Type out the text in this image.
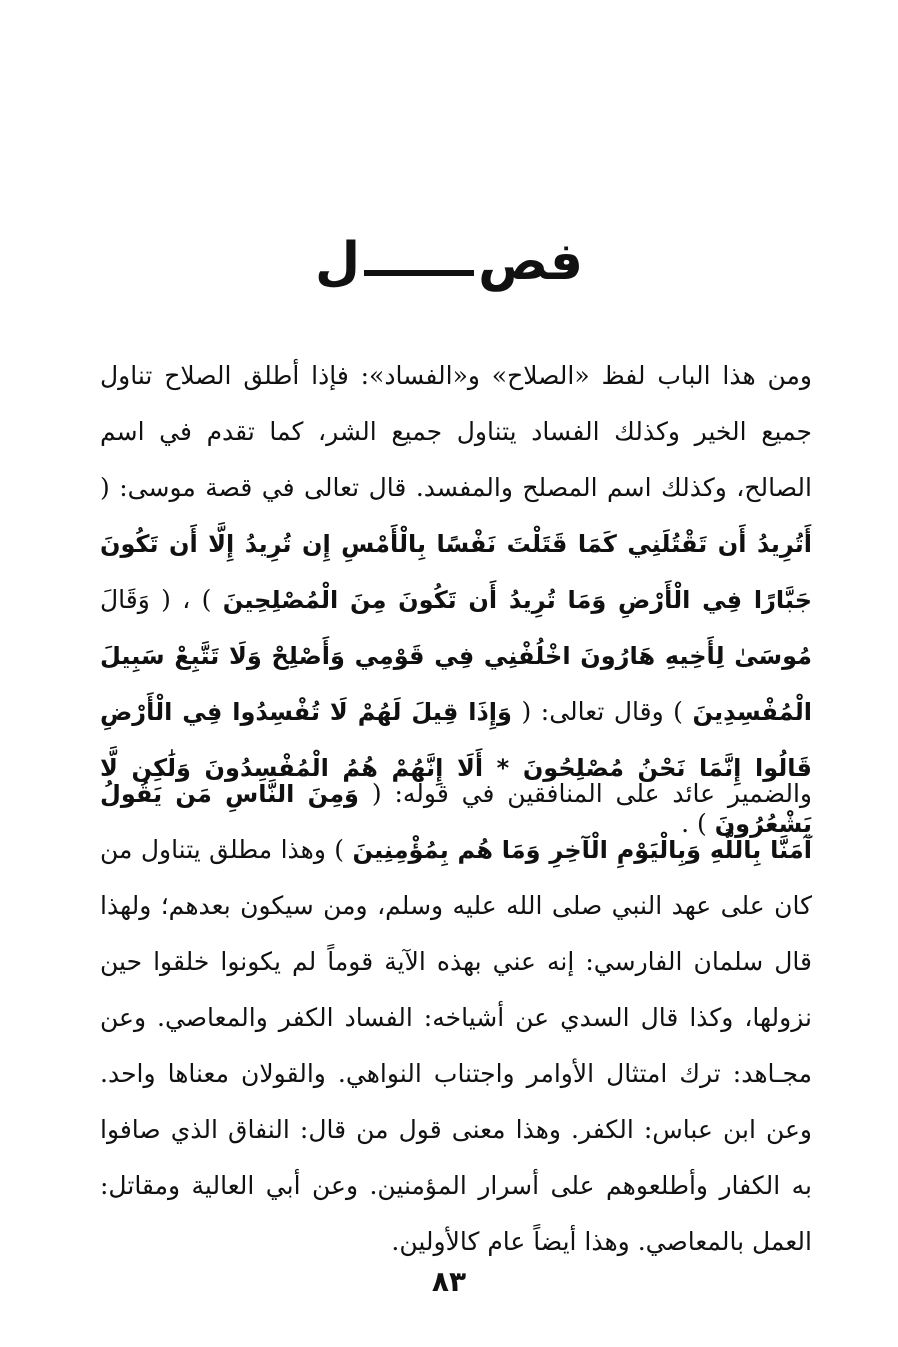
فصل
ومن هذا الباب لفظ «الصلاح» و«الفساد»: فإذا أطلق الصلاح تناول جميع الخير وكذلك الفساد يتناول جميع الشر، كما تقدم في اسم الصالح، وكذلك اسم المصلح والمفسد. قال تعالى في قصة موسى: ( أَتُرِيدُ أَن تَقْتُلَنِي كَمَا قَتَلْتَ نَفْسًا بِالْأَمْسِ إِن تُرِيدُ إِلَّا أَن تَكُونَ جَبَّارًا فِي الْأَرْضِ وَمَا تُرِيدُ أَن تَكُونَ مِنَ الْمُصْلِحِينَ ) ، ( وَقَالَ مُوسَىٰ لِأَخِيهِ هَارُونَ اخْلُفْنِي فِي قَوْمِي وَأَصْلِحْ وَلَا تَتَّبِعْ سَبِيلَ الْمُفْسِدِينَ ) وقال تعالى: ( وَإِذَا قِيلَ لَهُمْ لَا تُفْسِدُوا فِي الْأَرْضِ قَالُوا إِنَّمَا نَحْنُ مُصْلِحُونَ * أَلَا إِنَّهُمْ هُمُ الْمُفْسِدُونَ وَلَٰكِن لَّا يَشْعُرُونَ ) .
والضمير عائد على المنافقين في قوله: ( وَمِنَ النَّاسِ مَن يَقُولُ آمَنَّا بِاللَّهِ وَبِالْيَوْمِ الْآخِرِ وَمَا هُم بِمُؤْمِنِينَ ) وهذا مطلق يتناول من كان على عهد النبي صلى الله عليه وسلم، ومن سيكون بعدهم؛ ولهذا قال سلمان الفارسي: إنه عني بهذه الآية قوماً لم يكونوا خلقوا حين نزولها، وكذا قال السدي عن أشياخه: الفساد الكفر والمعاصي. وعن مجـاهد: ترك امتثال الأوامر واجتناب النواهي. والقولان معناها واحد. وعن ابن عباس: الكفر. وهذا معنى قول من قال: النفاق الذي صافوا به الكفار وأطلعوهم على أسرار المؤمنين. وعن أبي العالية ومقاتل: العمل بالمعاصي. وهذا أيضاً عام كالأولين.
٨٣
